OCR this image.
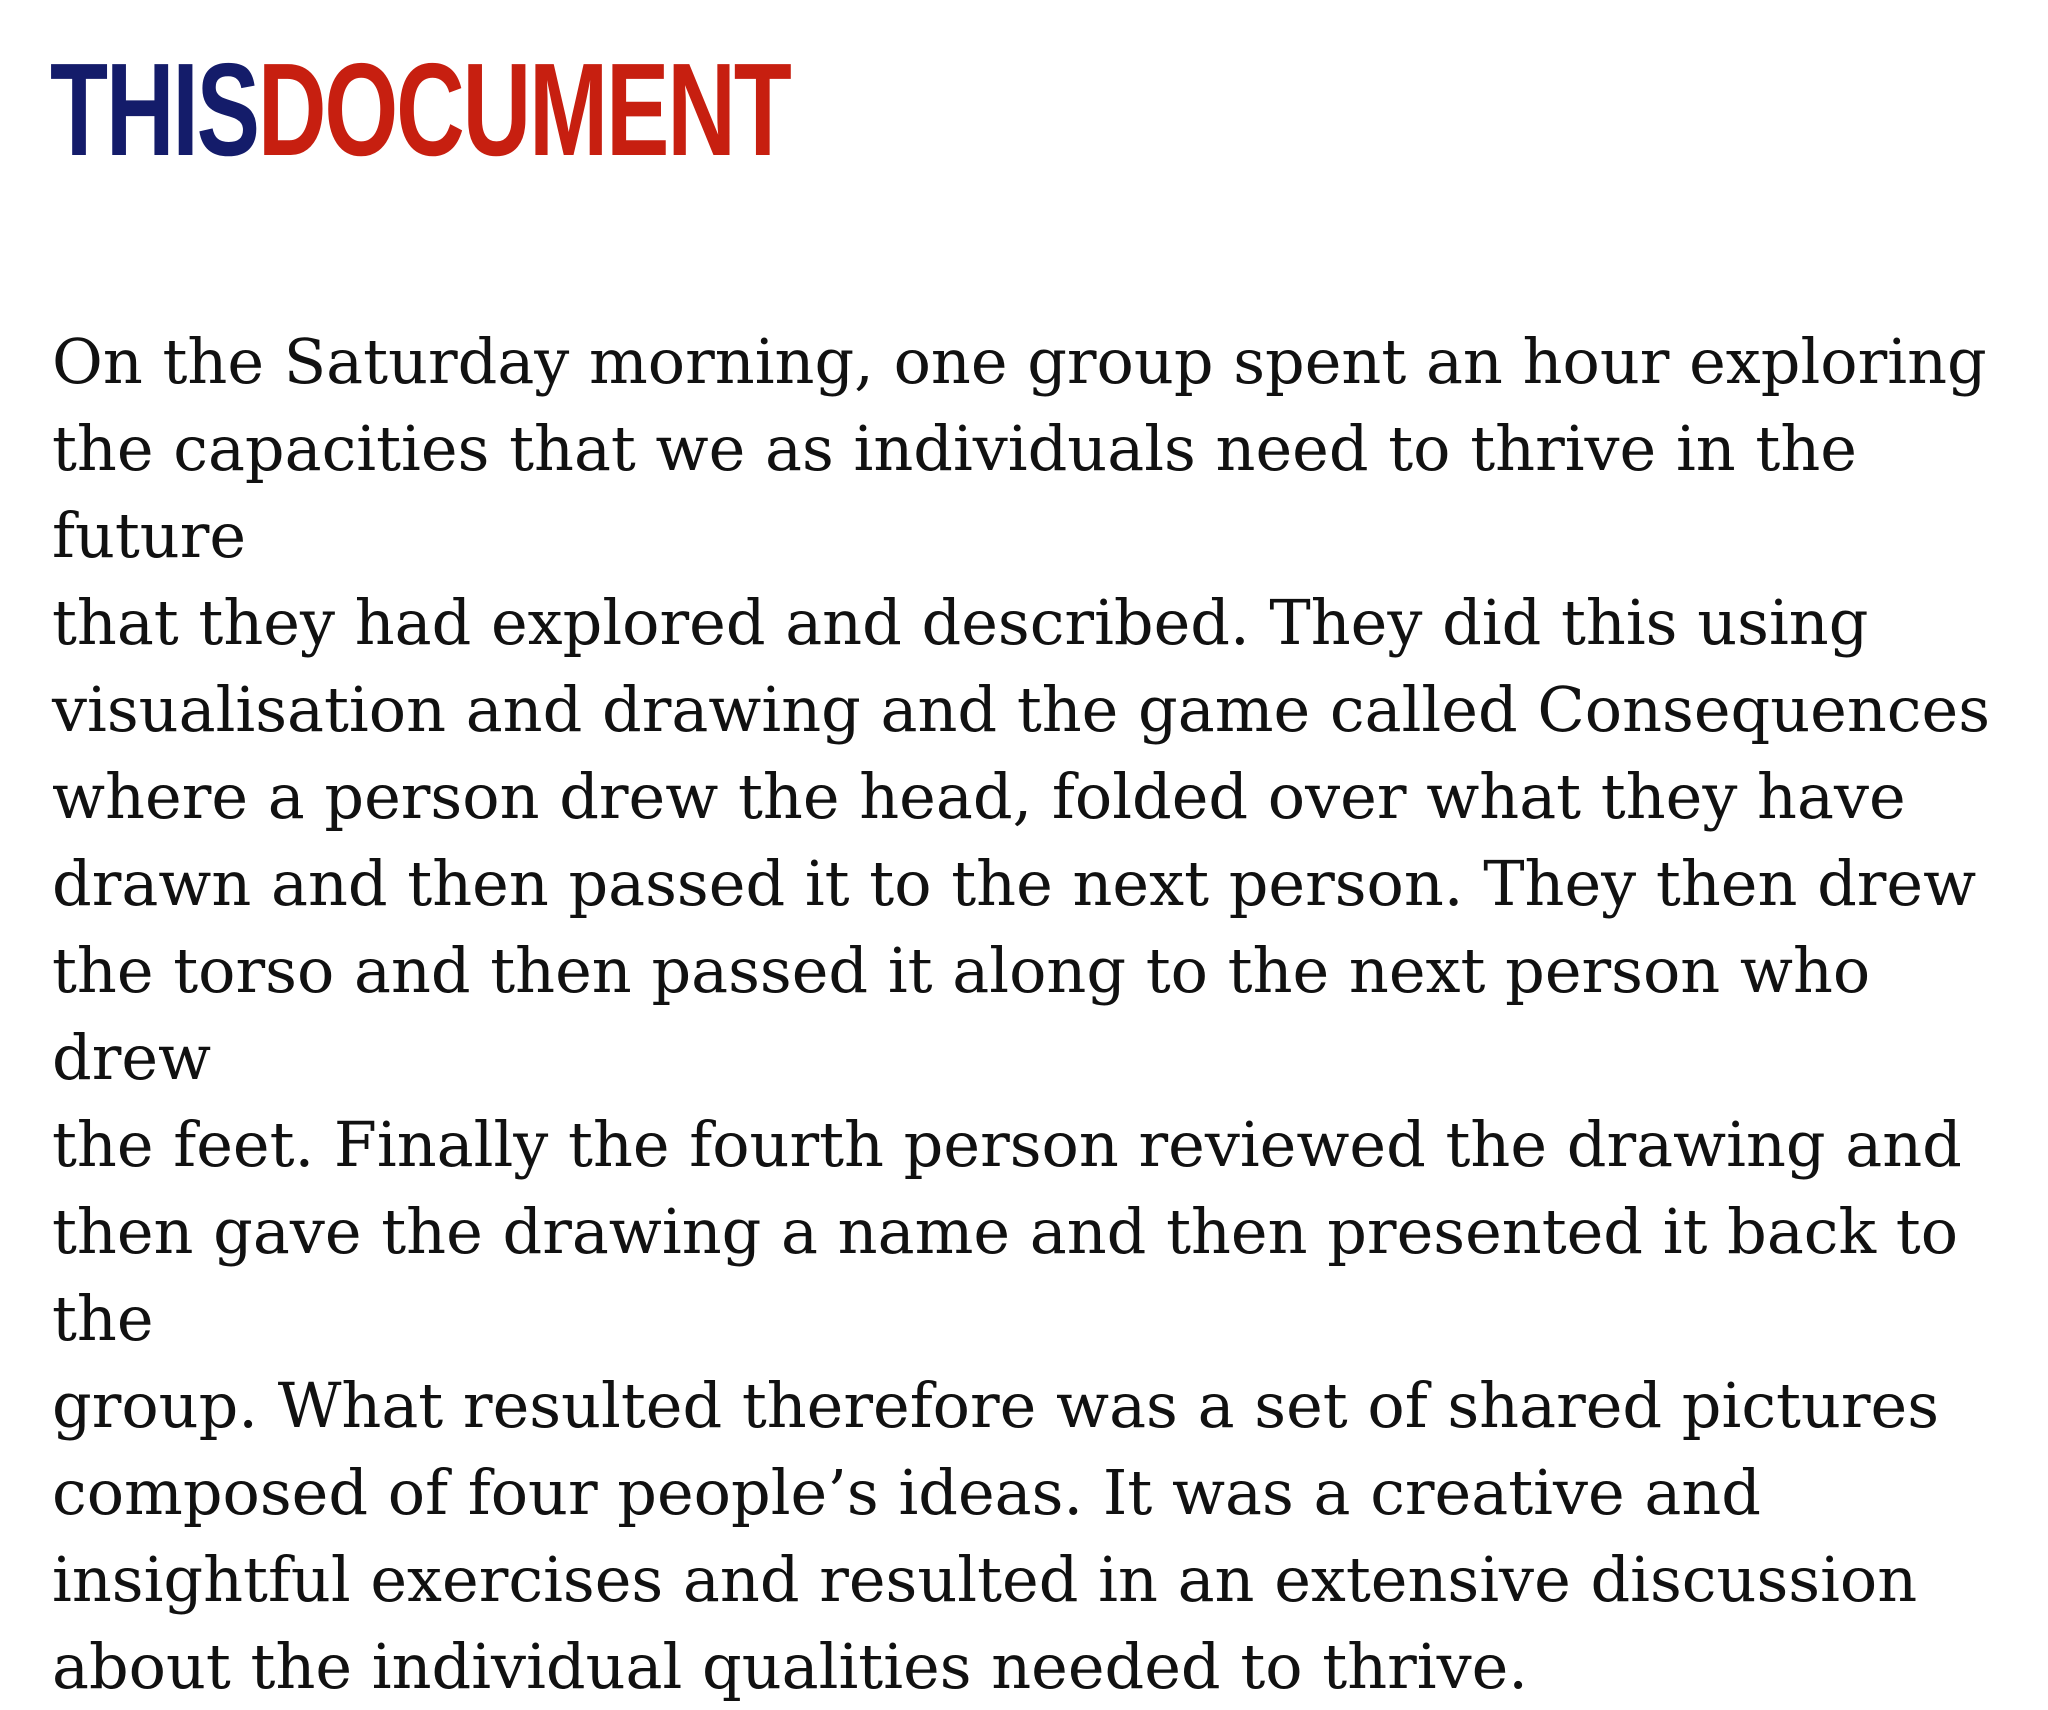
THISDOCUMENT

On the Saturday morning, one group spent an hour exploring
the capacities that we as individuals need to thrive in the future
that they had explored and described. They did this using
visualisation and drawing and the game called Consequences
where a person drew the head, folded over what they have
drawn and then passed it to the next person. They then drew
the torso and then passed it along to the next person who drew
the feet. Finally the fourth person reviewed the drawing and
then gave the drawing a name and then presented it back to the
group. What resulted therefore was a set of shared pictures
composed of four people’s ideas. It was a creative and
insightful exercises and resulted in an extensive discussion
about the individual qualities needed to thrive.
